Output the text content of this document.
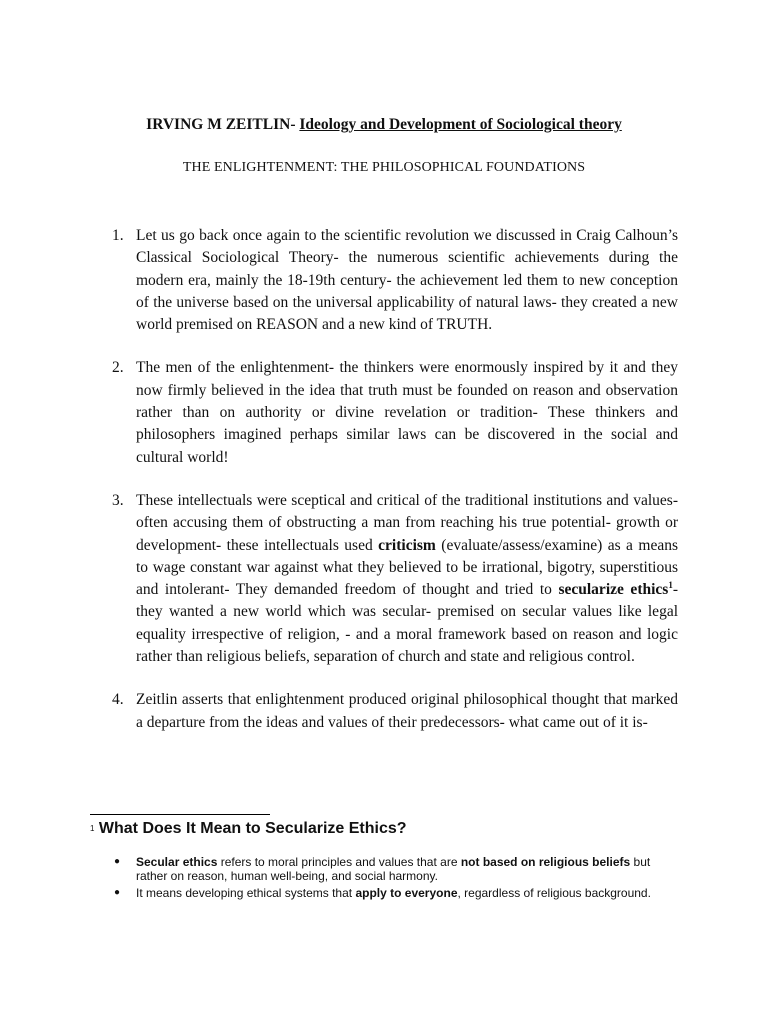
IRVING M ZEITLIN- Ideology and Development of Sociological theory
THE ENLIGHTENMENT: THE PHILOSOPHICAL FOUNDATIONS
1. Let us go back once again to the scientific revolution we discussed in Craig Calhoun’s Classical Sociological Theory- the numerous scientific achievements during the modern era, mainly the 18-19th century- the achievement led them to new conception of the universe based on the universal applicability of natural laws- they created a new world premised on REASON and a new kind of TRUTH.

2. The men of the enlightenment- the thinkers were enormously inspired by it and they now firmly believed in the idea that truth must be founded on reason and observation rather than on authority or divine revelation or tradition- These thinkers and philosophers imagined perhaps similar laws can be discovered in the social and cultural world!

3. These intellectuals were sceptical and critical of the traditional institutions and values- often accusing them of obstructing a man from reaching his true potential- growth or development- these intellectuals used criticism (evaluate/assess/examine) as a means to wage constant war against what they believed to be irrational, bigotry, superstitious and intolerant- They demanded freedom of thought and tried to secularize ethics$^1$- they wanted a new world which was secular- premised on secular values like legal equality irrespective of religion, - and a moral framework based on reason and logic rather than religious beliefs, separation of church and state and religious control.

4. Zeitlin asserts that enlightenment produced original philosophical thought that marked a departure from the ideas and values of their predecessors- what came out of it is-

$^1$ What Does It Mean to Secularize Ethics?
● Secular ethics refers to moral principles and values that are not based on religious beliefs but rather on reason, human well-being, and social harmony.
● It means developing ethical systems that apply to everyone, regardless of religious background.
